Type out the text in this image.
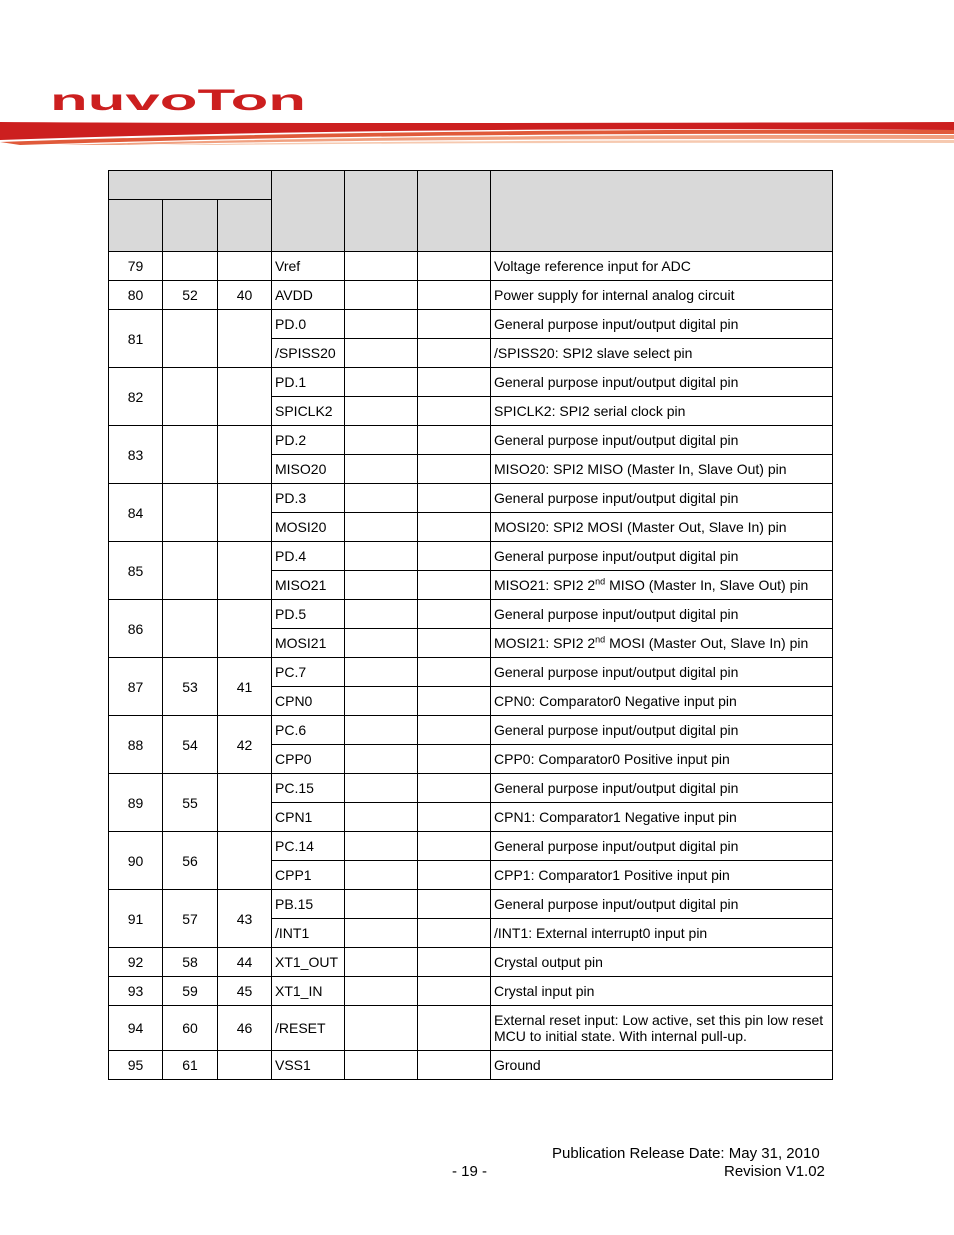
nuvoTon

79			Vref			Voltage reference input for ADC
80	52	40	AVDD			Power supply for internal analog circuit
81			PD.0			General purpose input/output digital pin
			/SPISS20			/SPISS20: SPI2 slave select pin
82			PD.1			General purpose input/output digital pin
			SPICLK2			SPICLK2: SPI2 serial clock pin
83			PD.2			General purpose input/output digital pin
			MISO20			MISO20: SPI2 MISO (Master In, Slave Out) pin
84			PD.3			General purpose input/output digital pin
			MOSI20			MOSI20: SPI2 MOSI (Master Out, Slave In) pin
85			PD.4			General purpose input/output digital pin
			MISO21			MISO21: SPI2 2nd MISO (Master In, Slave Out) pin
86			PD.5			General purpose input/output digital pin
			MOSI21			MOSI21: SPI2 2nd MOSI (Master Out, Slave In) pin
87	53	41	PC.7			General purpose input/output digital pin
			CPN0			CPN0: Comparator0 Negative input pin
88	54	42	PC.6			General purpose input/output digital pin
			CPP0			CPP0: Comparator0 Positive input pin
89	55		PC.15			General purpose input/output digital pin
			CPN1			CPN1: Comparator1 Negative input pin
90	56		PC.14			General purpose input/output digital pin
			CPP1			CPP1: Comparator1 Positive input pin
91	57	43	PB.15			General purpose input/output digital pin
			/INT1			/INT1: External interrupt0 input pin
92	58	44	XT1_OUT			Crystal output pin
93	59	45	XT1_IN			Crystal input pin
94	60	46	/RESET			External reset input: Low active, set this pin low reset MCU to initial state. With internal pull-up.
95	61		VSS1			Ground
Publication Release Date: May 31, 2010
- 19 -	Revision V1.02
